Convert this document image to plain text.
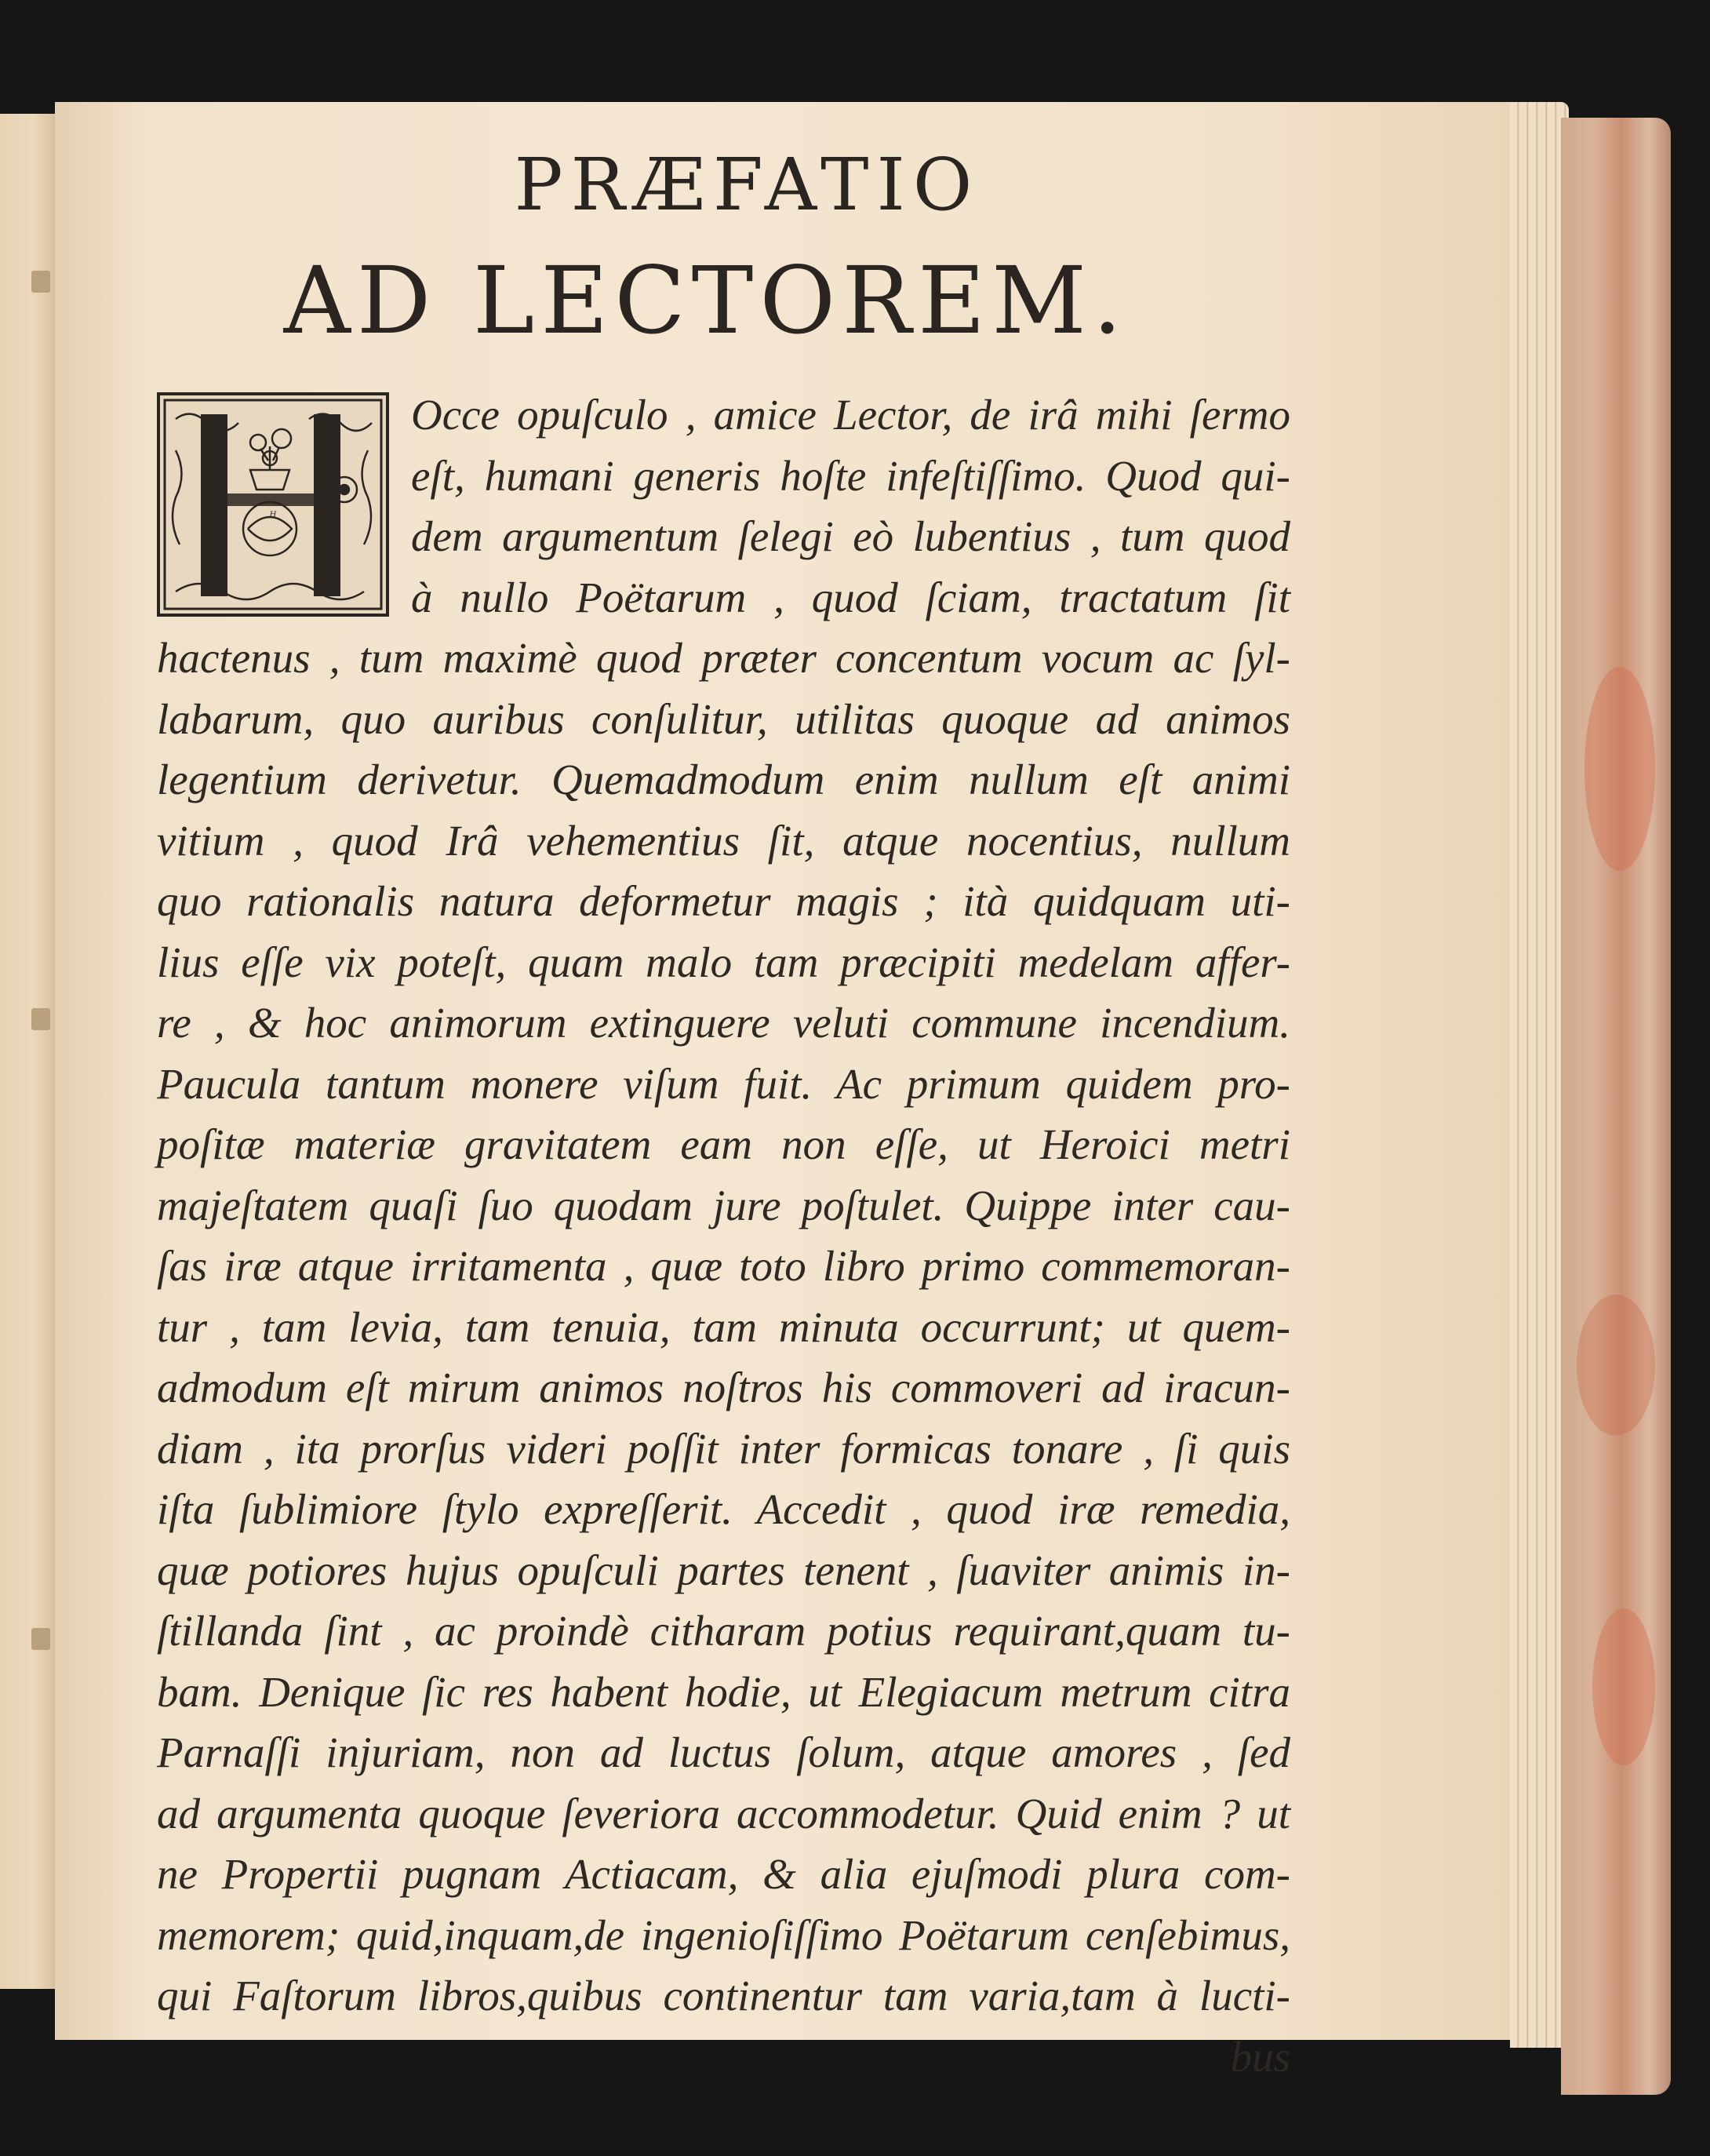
PRÆFATIO
AD LECTOREM.
H
Occe opuſculo , amice Lector, de irâ mihi ſermo
eſt, humani generis hoſte infeſtiſſimo. Quod qui-
dem argumentum ſelegi eò lubentius , tum quod
à nullo Poëtarum , quod ſciam, tractatum ſit
hactenus , tum maximè quod præter concentum vocum ac ſyl-
labarum, quo auribus conſulitur, utilitas quoque ad animos
legentium derivetur. Quemadmodum enim nullum eſt animi
vitium , quod Irâ vehementius ſit, atque nocentius, nullum
quo rationalis natura deformetur magis ; ità quidquam uti-
lius eſſe vix poteſt, quam malo tam præcipiti medelam affer-
re , & hoc animorum extinguere veluti commune incendium.
Paucula tantum monere viſum fuit. Ac primum quidem pro-
poſitæ materiæ gravitatem eam non eſſe, ut Heroici metri
majeſtatem quaſi ſuo quodam jure poſtulet. Quippe inter cau-
ſas iræ atque irritamenta , quæ toto libro primo commemoran-
tur , tam levia, tam tenuia, tam minuta occurrunt; ut quem-
admodum eſt mirum animos noſtros his commoveri ad iracun-
diam , ita prorſus videri poſſit inter formicas tonare , ſi quis
iſta ſublimiore ſtylo expreſſerit. Accedit , quod iræ remedia,
quæ potiores hujus opuſculi partes tenent , ſuaviter animis in-
ſtillanda ſint , ac proindè citharam potius requirant,quam tu-
bam. Denique ſic res habent hodie, ut Elegiacum metrum citra
Parnaſſi injuriam, non ad luctus ſolum, atque amores , ſed
ad argumenta quoque ſeveriora accommodetur. Quid enim ? ut
ne Propertii pugnam Actiacam, & alia ejuſmodi plura com-
memorem; quid,inquam,de ingenioſiſſimo Poëtarum cenſebimus,
qui Faſtorum libros,quibus continentur tam varia,tam à lucti-
bus
